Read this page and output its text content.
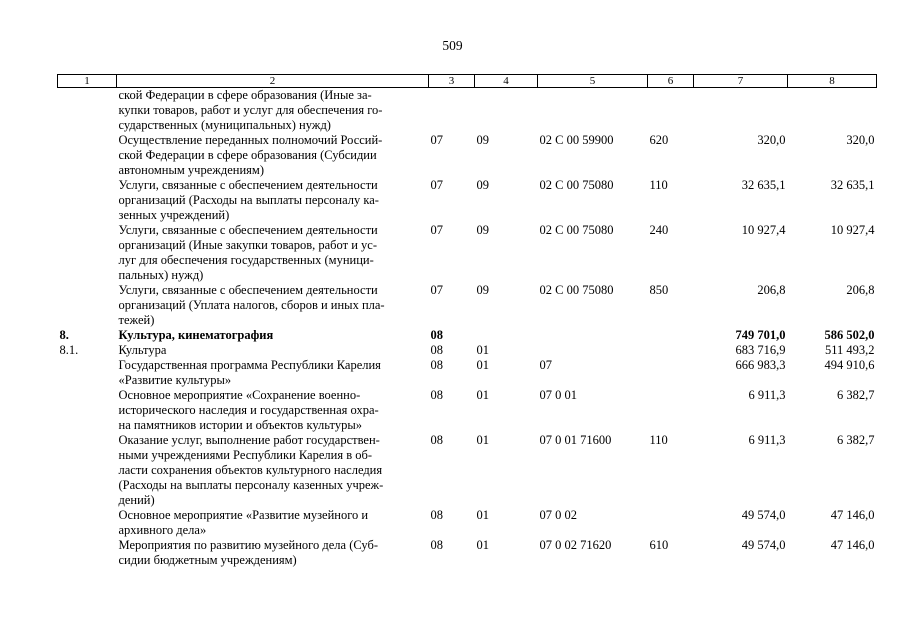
509
1	2	3	4	5	6	7	8
	ской Федерации в сфере образования (Иные за-
купки товаров, работ и услуг для обеспечения го-
сударственных (муниципальных) нужд)						
	Осуществление переданных полномочий Россий-
ской Федерации в сфере образования (Субсидии
автономным учреждениям)	07	09	02 С 00 59900	620	320,0	320,0
	Услуги, связанные с обеспечением деятельности
организаций (Расходы на выплаты персоналу ка-
зенных учреждений)	07	09	02 С 00 75080	110	32 635,1	32 635,1
	Услуги, связанные с обеспечением деятельности
организаций (Иные закупки товаров, работ и ус-
луг для обеспечения государственных (муници-
пальных) нужд)	07	09	02 С 00 75080	240	10 927,4	10 927,4
	Услуги, связанные с обеспечением деятельности
организаций (Уплата налогов, сборов и иных пла-
тежей)	07	09	02 С 00 75080	850	206,8	206,8
8.	Культура, кинематография	08				749 701,0	586 502,0
8.1.	Культура	08	01			683 716,9	511 493,2
	Государственная программа Республики Карелия
«Развитие культуры»	08	01	07		666 983,3	494 910,6
	Основное мероприятие «Сохранение военно-
исторического наследия и государственная охра-
на памятников истории и объектов культуры»	08	01	07 0 01		6 911,3	6 382,7
	Оказание услуг, выполнение работ государствен-
ными учреждениями Республики Карелия в об-
ласти сохранения объектов культурного наследия
(Расходы на выплаты персоналу казенных учреж-
дений)	08	01	07 0 01 71600	110	6 911,3	6 382,7
	Основное мероприятие «Развитие музейного и
архивного дела»	08	01	07 0 02		49 574,0	47 146,0
	Мероприятия по развитию музейного дела (Суб-
сидии бюджетным учреждениям)	08	01	07 0 02 71620	610	49 574,0	47 146,0
